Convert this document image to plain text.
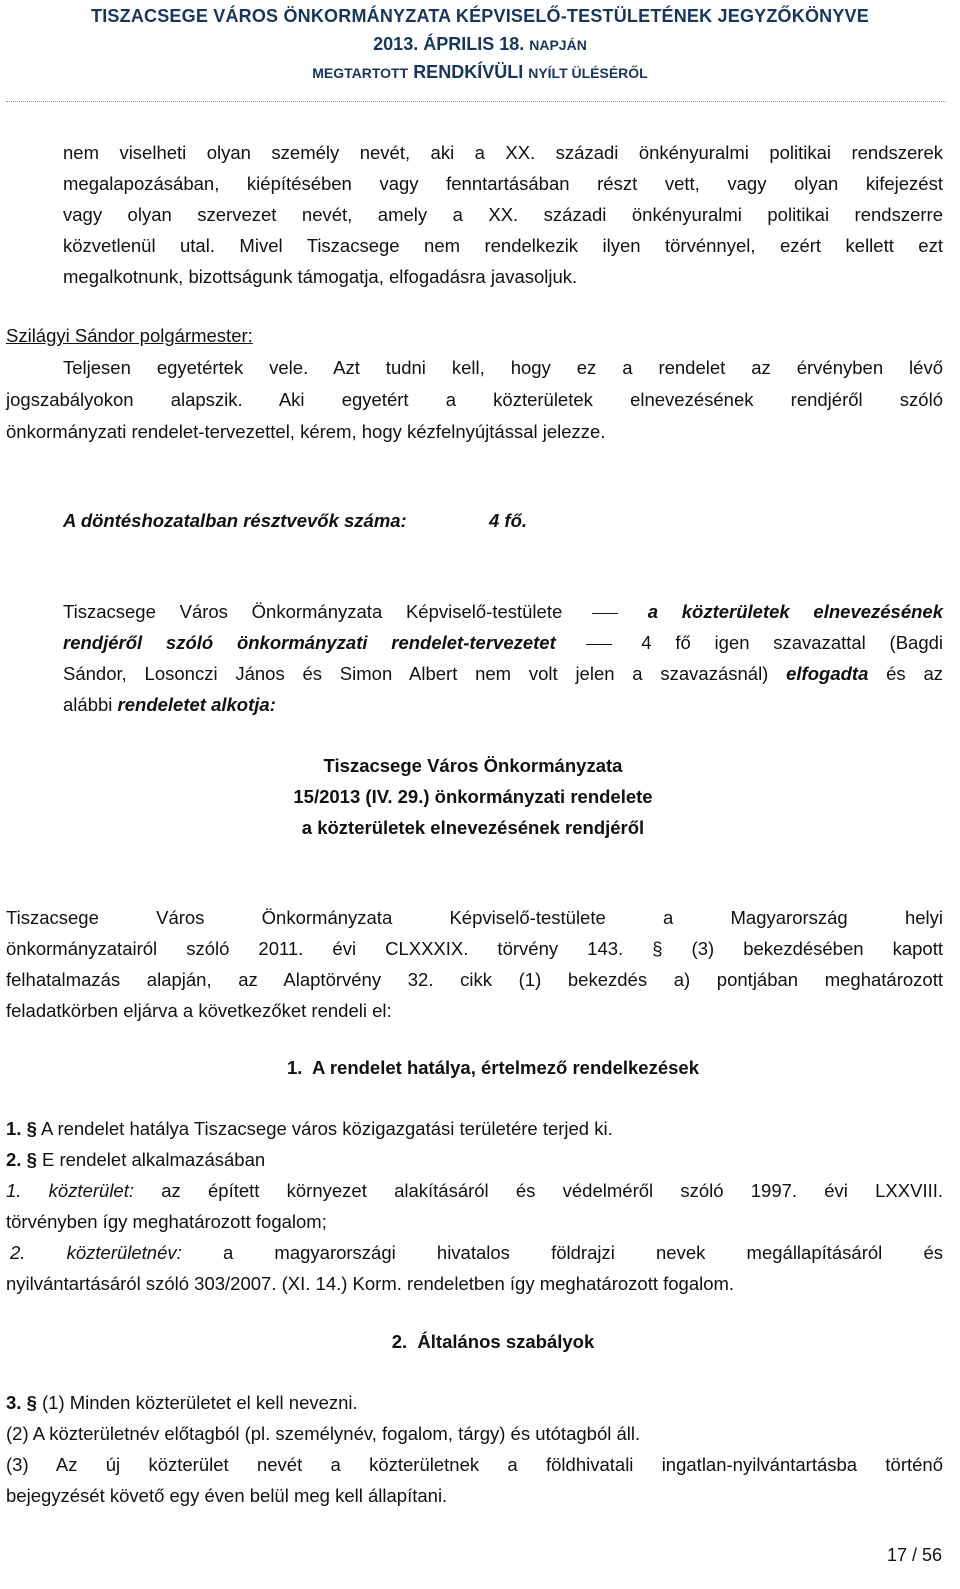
TISZACSEGE VÁROS ÖNKORMÁNYZATA KÉPVISELŐ-TESTÜLETÉNEK JEGYZŐKÖNYVE
2013. ÁPRILIS 18. NAPJÁN
MEGTARTOTT RENDKÍVÜLI NYÍLT ÜLÉSÉRŐL
nem viselheti olyan személy nevét, aki a XX. századi önkényuralmi politikai rendszerek
megalapozásában, kiépítésében vagy fenntartásában részt vett, vagy olyan kifejezést
vagy olyan szervezet nevét, amely a XX. századi önkényuralmi politikai rendszerre
közvetlenül utal. Mivel Tiszacsege nem rendelkezik ilyen törvénnyel, ezért kellett ezt
megalkotnunk, bizottságunk támogatja, elfogadásra javasoljuk.
Szilágyi Sándor polgármester:
Teljesen egyetértek vele. Azt tudni kell, hogy ez a rendelet az érvényben lévő
jogszabályokon alapszik. Aki egyetért a közterületek elnevezésének rendjéről szóló
önkormányzati rendelet-tervezettel, kérem, hogy kézfelnyújtással jelezze.
A döntéshozatalban résztvevők száma:	4 fő.
Tiszacsege Város Önkormányzata Képviselő-testülete	a közterületek elnevezésének
rendjéről szóló önkormányzati rendelet-tervezetet	4 fő igen szavazattal (Bagdi
Sándor, Losonczi János és Simon Albert nem volt jelen a szavazásnál) elfogadta és az
alábbi rendeletet alkotja:
Tiszacsege Város Önkormányzata
15/2013 (IV. 29.) önkormányzati rendelete
a közterületek elnevezésének rendjéről
Tiszacsege Város Önkormányzata Képviselő-testülete a Magyarország helyi
önkormányzatairól szóló 2011. évi CLXXXIX. törvény 143. § (3) bekezdésében kapott
felhatalmazás alapján, az Alaptörvény 32. cikk (1) bekezdés a) pontjában meghatározott
feladatkörben eljárva a következőket rendeli el:
1.  A rendelet hatálya, értelmező rendelkezések
1. § A rendelet hatálya Tiszacsege város közigazgatási területére terjed ki.
2. § E rendelet alkalmazásában
1. közterület: az épített környezet alakításáról és védelméről szóló 1997. évi LXXVIII.
törvényben így meghatározott fogalom;
2. közterületnév: a magyarországi hivatalos földrajzi nevek megállapításáról és
nyilvántartásáról szóló 303/2007. (XI. 14.) Korm. rendeletben így meghatározott fogalom.
2.  Általános szabályok
3. § (1) Minden közterületet el kell nevezni.
(2) A közterületnév előtagból (pl. személynév, fogalom, tárgy) és utótagból áll.
(3) Az új közterület nevét a közterületnek a földhivatali ingatlan-nyilvántartásba történő
bejegyzését követő egy éven belül meg kell állapítani.
17 / 56
